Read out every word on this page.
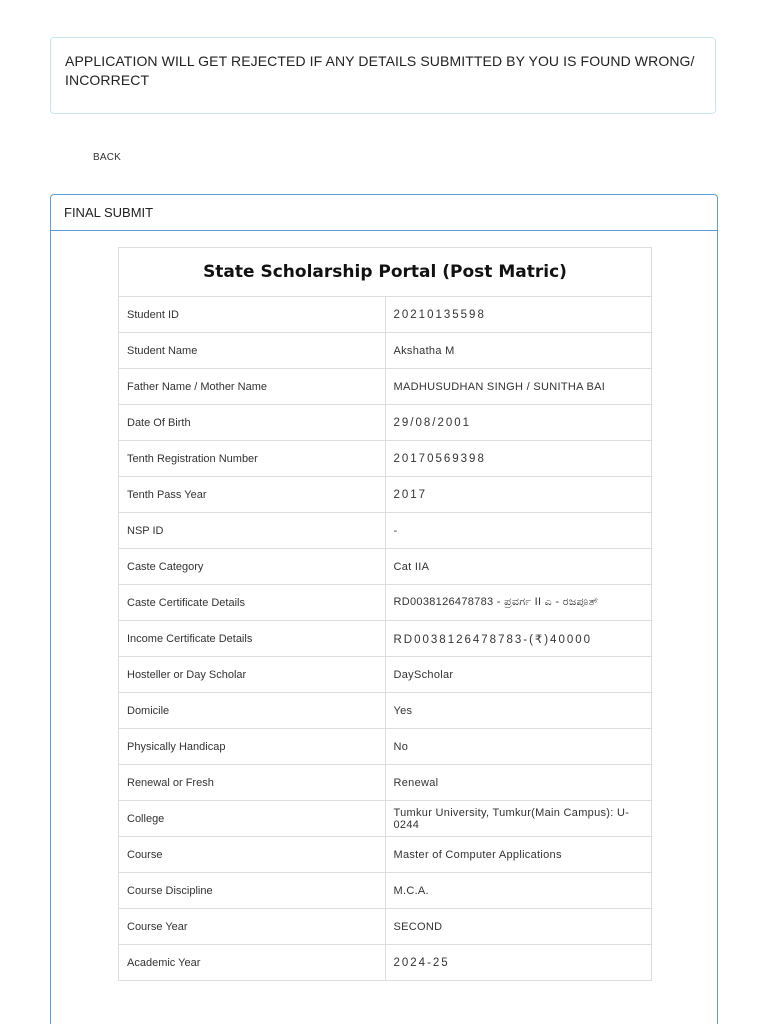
APPLICATION WILL GET REJECTED IF ANY DETAILS SUBMITTED BY YOU IS FOUND WRONG/ INCORRECT
BACK
FINAL SUBMIT
State Scholarship Portal (Post Matric)	
Student ID	20210135598
Student Name	Akshatha M
Father Name / Mother Name	MADHUSUDHAN SINGH / SUNITHA BAI
Date Of Birth	29/08/2001
Tenth Registration Number	20170569398
Tenth Pass Year	2017
NSP ID	-
Caste Category	Cat IIA
Caste Certificate Details	RD0038126478783 - ಪ್ರವರ್ಗ II ಎ - ರಜಪೂತ್
Income Certificate Details	RD0038126478783-(₹)40000
Hosteller or Day Scholar	DayScholar
Domicile	Yes
Physically Handicap	No
Renewal or Fresh	Renewal
College	Tumkur University, Tumkur(Main Campus): U-0244
Course	Master of Computer Applications
Course Discipline	M.C.A.
Course Year	SECOND
Academic Year	2024-25
